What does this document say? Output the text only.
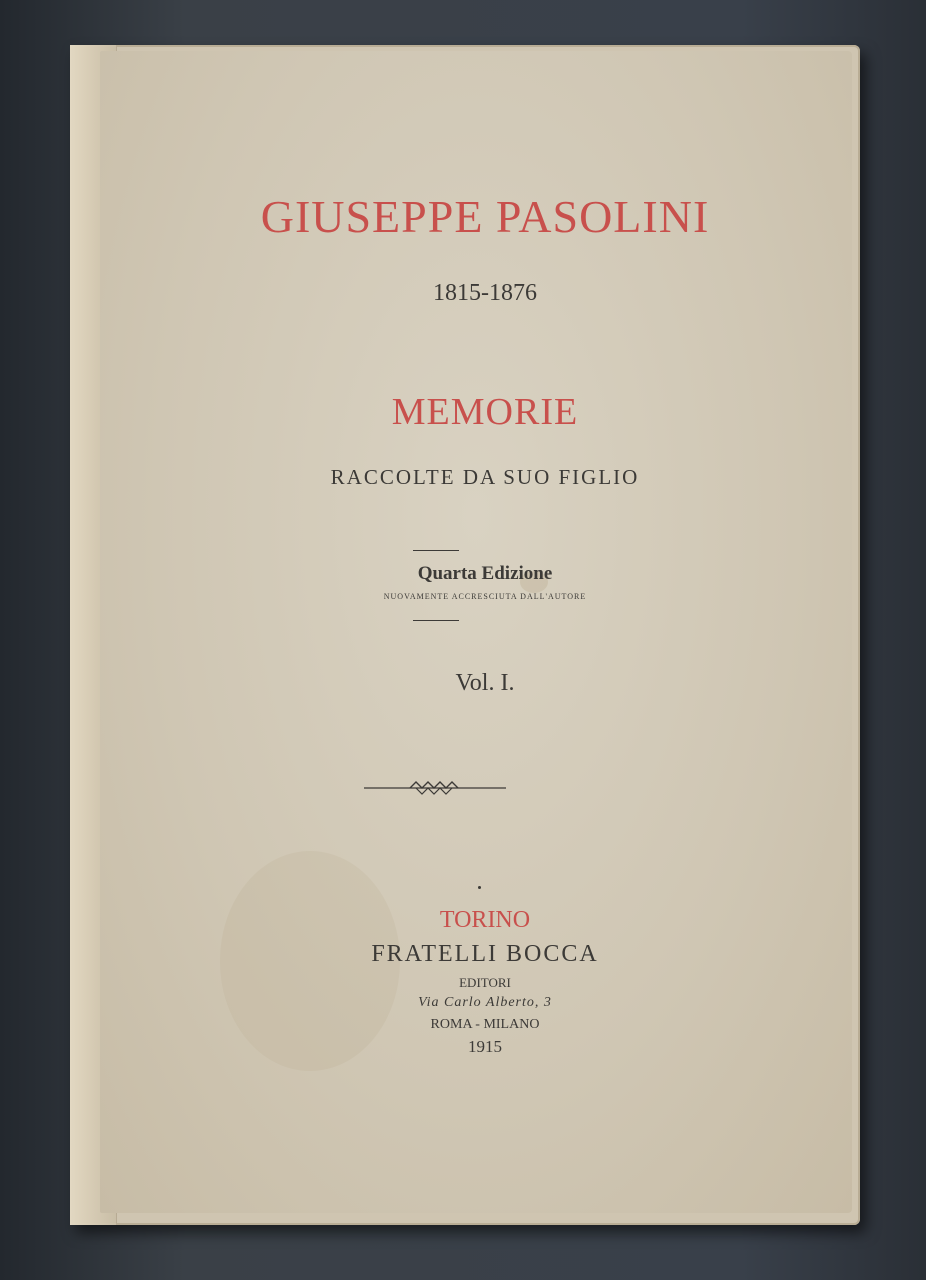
GIUSEPPE PASOLINI
1815-1876
MEMORIE
RACCOLTE DA SUO FIGLIO
Quarta Edizione
NUOVAMENTE ACCRESCIUTA DALL'AUTORE
Vol. I.
TORINO
FRATELLI BOCCA
EDITORI
Via Carlo Alberto, 3
ROMA - MILANO
1915
